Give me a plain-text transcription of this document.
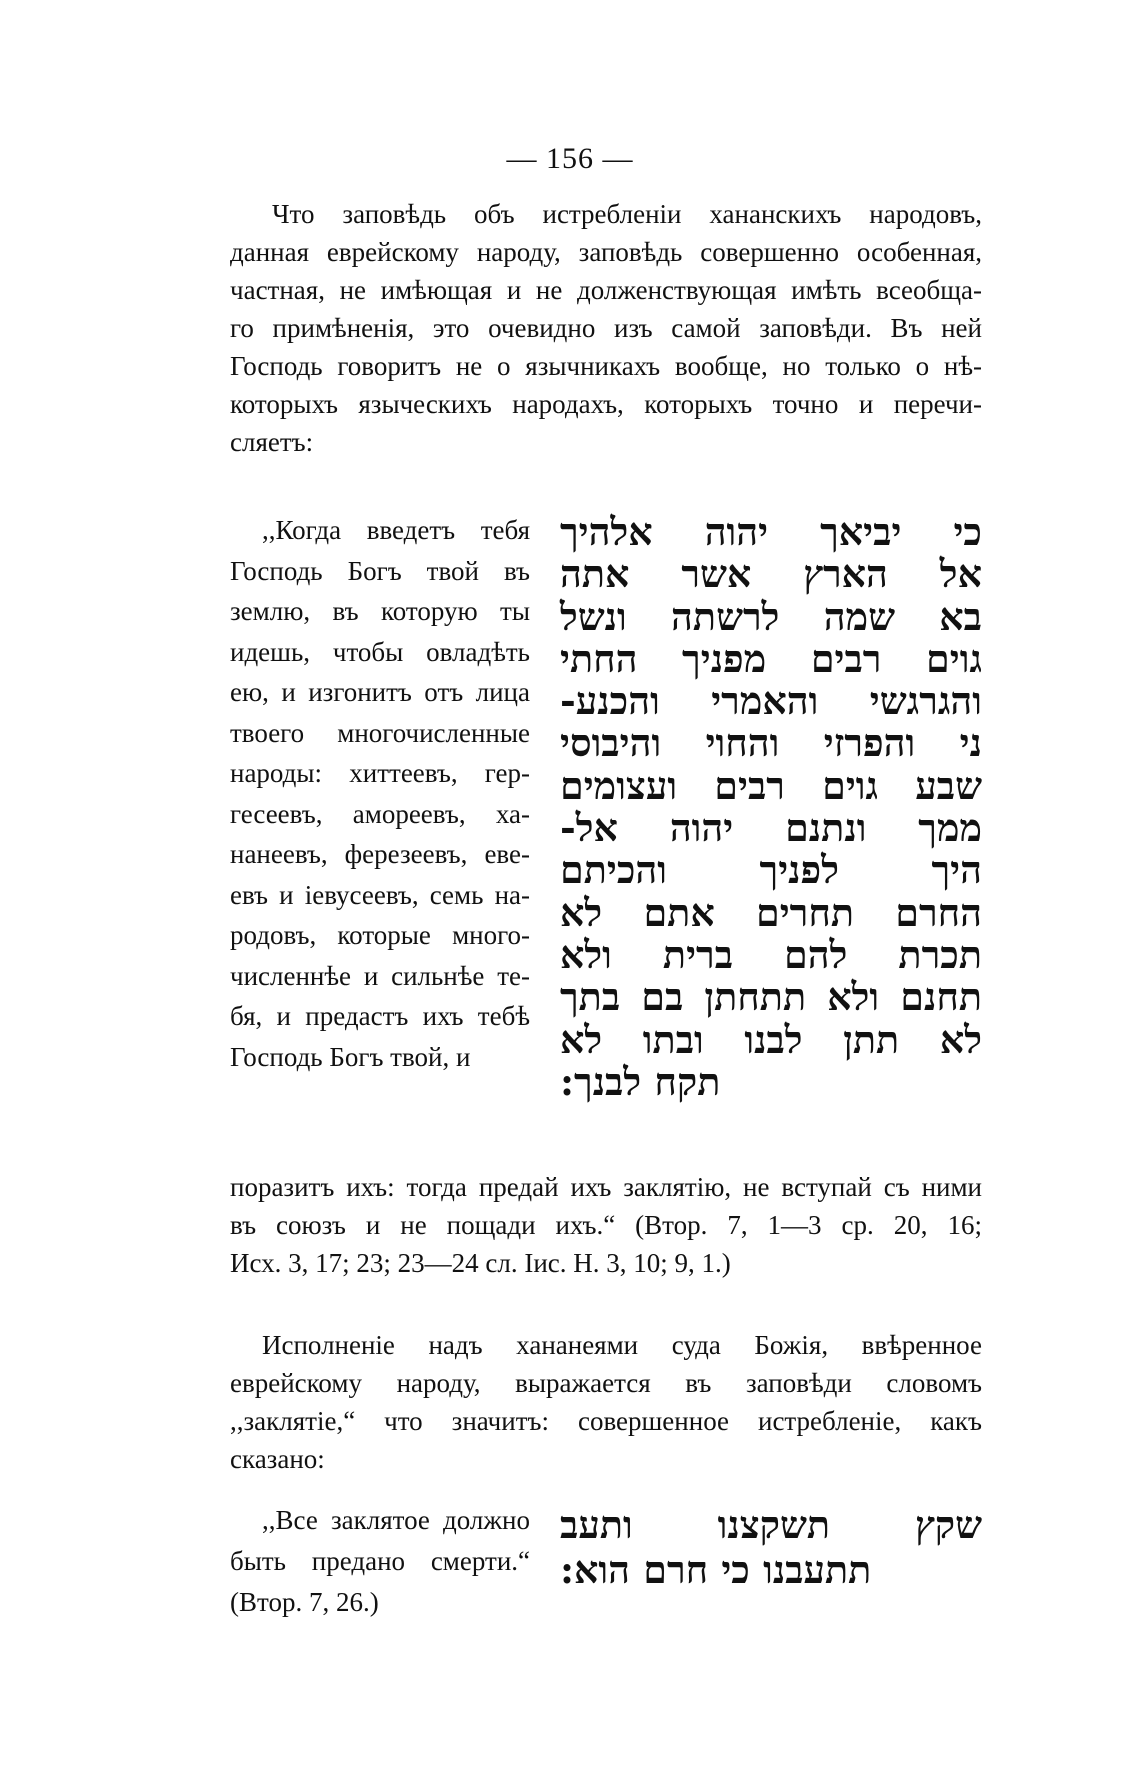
— 156 —
Что заповѣдь объ истребленіи хананскихъ народовъ,
данная еврейскому народу, заповѣдь совершенно особенная,
частная, не имѣющая и не долженствующая имѣть всеобща-
го примѣненія, это очевидно изъ самой заповѣди. Въ ней
Господь говоритъ не о язычникахъ вообще, но только о нѣ-
которыхъ языческихъ народахъ, которыхъ точно и перечи-
сляетъ:
,,Когда введетъ тебя
Господь Богъ твой въ
землю, въ которую ты
идешь, чтобы овладѣть
ею, и изгонитъ отъ лица
твоего многочисленные
народы: хиттеевъ, гер-
гесеевъ, амореевъ, ха-
нанеевъ, ферезеевъ, еве-
евъ и іевусеевъ, семь на-
родовъ, которые много-
численнѣе и сильнѣе те-
бя, и предастъ ихъ тебѣ
Господь Богъ твой, и
כי יביאך יהוה אלהיך
אל הארץ אשר אתה
בא שמה לרשתה ונשל
גוים רבים מפניך החתי
והגרגשי והאמרי והכנע-
ני והפרזי והחוי והיבוסי
שבע גוים רבים ועצומים
ממך ונתנם יהוה אל-
היך לפניך והכיתם
החרם תחרים אתם לא
תכרת להם ברית ולא
תחנם ולא תתחתן בם בתך
לא תתן לבנו ובתו לא
תקח לבנך:
поразитъ ихъ: тогда предай ихъ заклятію, не вступай съ ними
въ союзъ и не пощади ихъ.“ (Втор. 7, 1—3 ср. 20, 16;
Исх. 3, 17; 23; 23—24 сл. Іис. Н. 3, 10; 9, 1.)
Исполненіе надъ хананеями суда Божія, ввѣренное
еврейскому народу, выражается въ заповѣди словомъ
,,заклятіе,“ что значитъ: совершенное истребленіе, какъ
сказано:
,,Все заклятое должно
быть предано смерти.“
(Втор. 7, 26.)
שקץ תשקצנו ותעב
תתעבנו כי חרם הוא:
